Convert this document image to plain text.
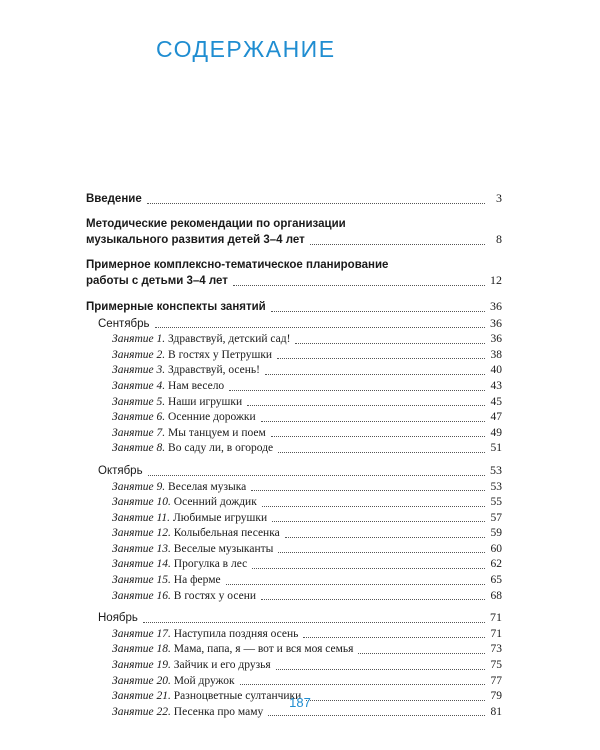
СОДЕРЖАНИЕ
Введение	3
Методические рекомендации по организации
музыкального развития детей 3–4 лет	8
Примерное комплексно-тематическое планирование
работы с детьми 3–4 лет	12
Примерные конспекты занятий	36
Сентябрь	36
Занятие 1. Здравствуй, детский сад!	36
Занятие 2. В гостях у Петрушки	38
Занятие 3. Здравствуй, осень!	40
Занятие 4. Нам весело	43
Занятие 5. Наши игрушки	45
Занятие 6. Осенние дорожки	47
Занятие 7. Мы танцуем и поем	49
Занятие 8. Во саду ли, в огороде	51
Октябрь	53
Занятие 9. Веселая музыка	53
Занятие 10. Осенний дождик	55
Занятие 11. Любимые игрушки	57
Занятие 12. Колыбельная песенка	59
Занятие 13. Веселые музыканты	60
Занятие 14. Прогулка в лес	62
Занятие 15. На ферме	65
Занятие 16. В гостях у осени	68
Ноябрь	71
Занятие 17. Наступила поздняя осень	71
Занятие 18. Мама, папа, я — вот и вся моя семья	73
Занятие 19. Зайчик и его друзья	75
Занятие 20. Мой дружок	77
Занятие 21. Разноцветные султанчики	79
Занятие 22. Песенка про маму	81
187
